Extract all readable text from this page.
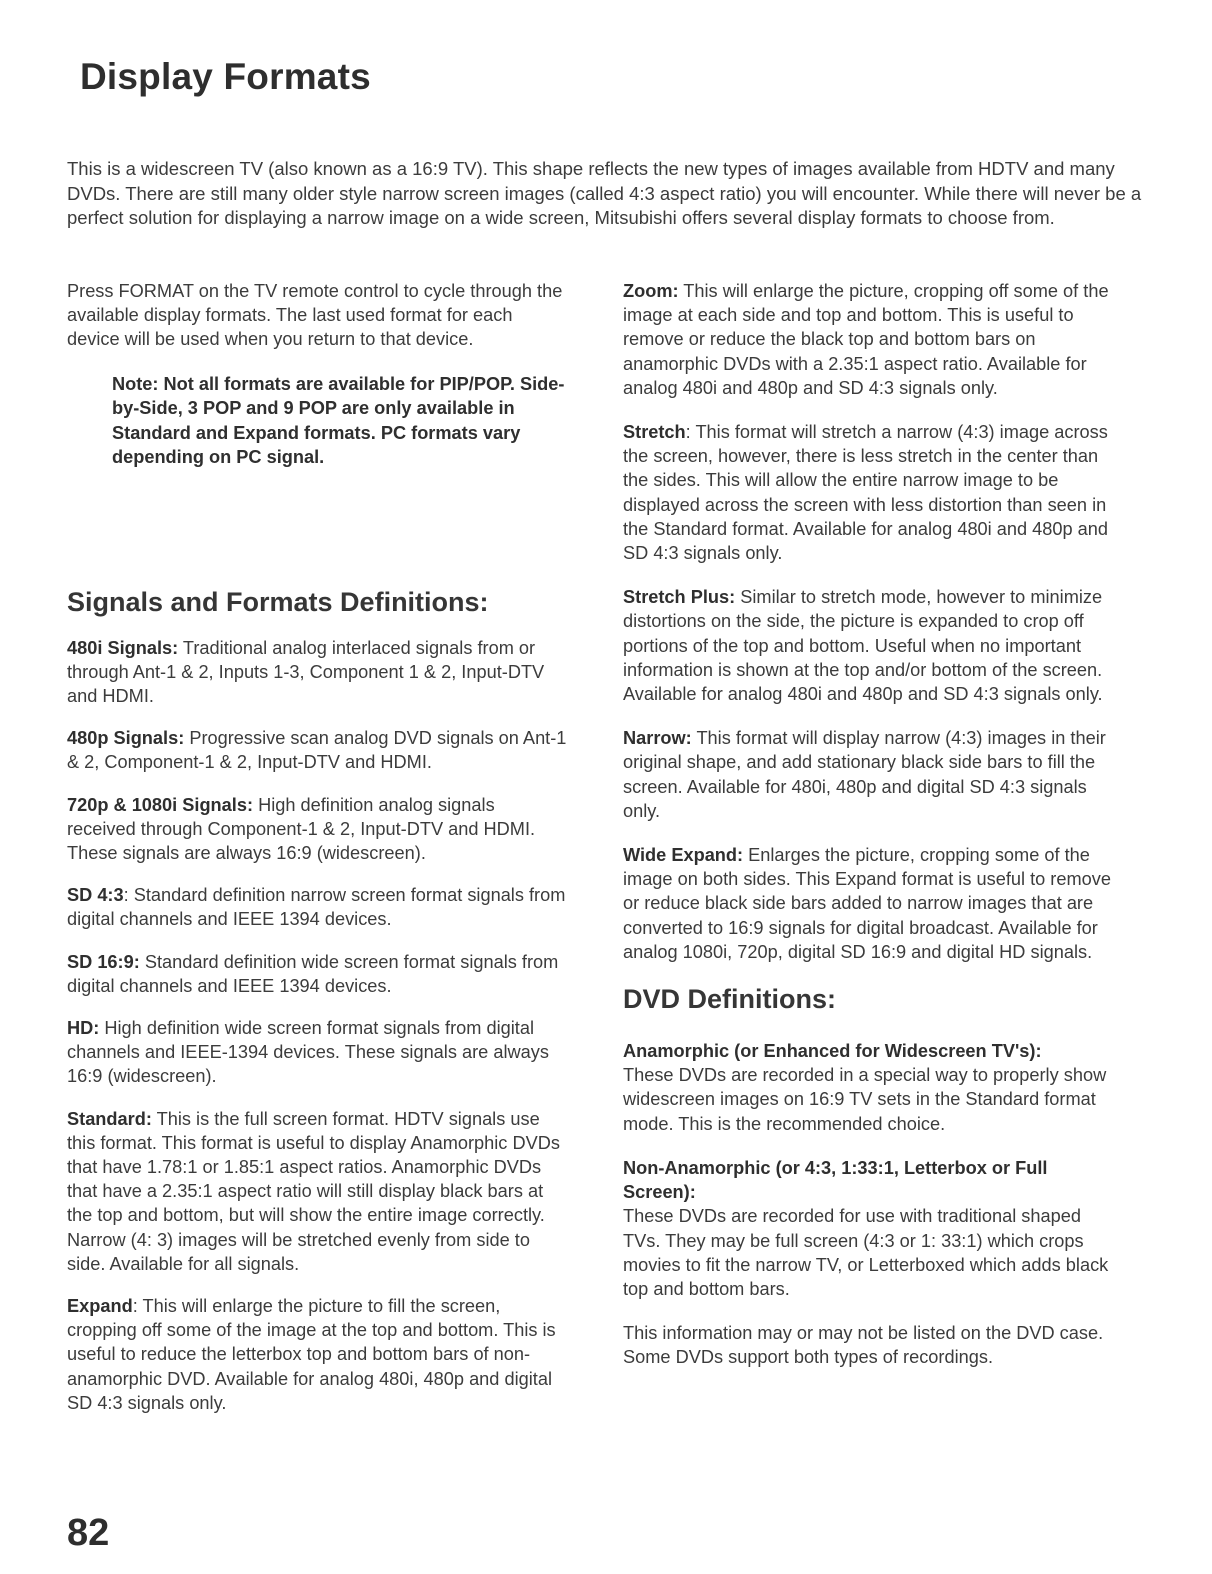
Display Formats

This is a widescreen TV (also known as a 16:9 TV). This shape reflects the new types of images available from HDTV and many DVDs. There are still many older style narrow screen images (called 4:3 aspect ratio) you will encounter. While there will never be a perfect solution for displaying a narrow image on a wide screen, Mitsubishi offers several display formats to choose from.

Press FORMAT on the TV remote control to cycle through the available display formats. The last used format for each device will be used when you return to that device.

Note: Not all formats are available for PIP/POP. Side-by-Side, 3 POP and 9 POP are only available in Standard and Expand formats. PC formats vary depending on PC signal.
Signals and Formats Definitions:

480i Signals: Traditional analog interlaced signals from or through Ant-1 & 2, Inputs 1-3, Component 1 & 2, Input-DTV and HDMI.

480p Signals: Progressive scan analog DVD signals on Ant-1 & 2, Component-1 & 2, Input-DTV and HDMI.

720p & 1080i Signals: High definition analog signals received through Component-1 & 2, Input-DTV and HDMI. These signals are always 16:9 (widescreen).

SD 4:3: Standard definition narrow screen format signals from digital channels and IEEE 1394 devices.

SD 16:9: Standard definition wide screen format signals from digital channels and IEEE 1394 devices.

HD: High definition wide screen format signals from digital channels and IEEE-1394 devices. These signals are always 16:9 (widescreen).

Standard: This is the full screen format. HDTV signals use this format. This format is useful to display Anamorphic DVDs that have 1.78:1 or 1.85:1 aspect ratios. Anamorphic DVDs that have a 2.35:1 aspect ratio will still display black bars at the top and bottom, but will show the entire image correctly. Narrow (4: 3) images will be stretched evenly from side to side. Available for all signals.

Expand: This will enlarge the picture to fill the screen, cropping off some of the image at the top and bottom. This is useful to reduce the letterbox top and bottom bars of non-anamorphic DVD. Available for analog 480i, 480p and digital SD 4:3 signals only.

Zoom: This will enlarge the picture, cropping off some of the image at each side and top and bottom. This is useful to remove or reduce the black top and bottom bars on anamorphic DVDs with a 2.35:1 aspect ratio. Available for analog 480i and 480p and SD 4:3 signals only.

Stretch: This format will stretch a narrow (4:3) image across the screen, however, there is less stretch in the center than the sides. This will allow the entire narrow image to be displayed across the screen with less distortion than seen in the Standard format. Available for analog 480i and 480p and SD 4:3 signals only.

Stretch Plus: Similar to stretch mode, however to minimize distortions on the side, the picture is expanded to crop off portions of the top and bottom. Useful when no important information is shown at the top and/or bottom of the screen. Available for analog 480i and 480p and SD 4:3 signals only.

Narrow: This format will display narrow (4:3) images in their original shape, and add stationary black side bars to fill the screen. Available for 480i, 480p and digital SD 4:3 signals only.

Wide Expand: Enlarges the picture, cropping some of the image on both sides. This Expand format is useful to remove or reduce black side bars added to narrow images that are converted to 16:9 signals for digital broadcast. Available for analog 1080i, 720p, digital SD 16:9 and digital HD signals.

DVD Definitions:
Anamorphic (or Enhanced for Widescreen TV's):

These DVDs are recorded in a special way to properly show widescreen images on 16:9 TV sets in the Standard format mode. This is the recommended choice.

Non-Anamorphic (or 4:3, 1:33:1, Letterbox or Full Screen):

These DVDs are recorded for use with traditional shaped TVs. They may be full screen (4:3 or 1: 33:1) which crops movies to fit the narrow TV, or Letterboxed which adds black top and bottom bars.

This information may or may not be listed on the DVD case. Some DVDs support both types of recordings.

82
